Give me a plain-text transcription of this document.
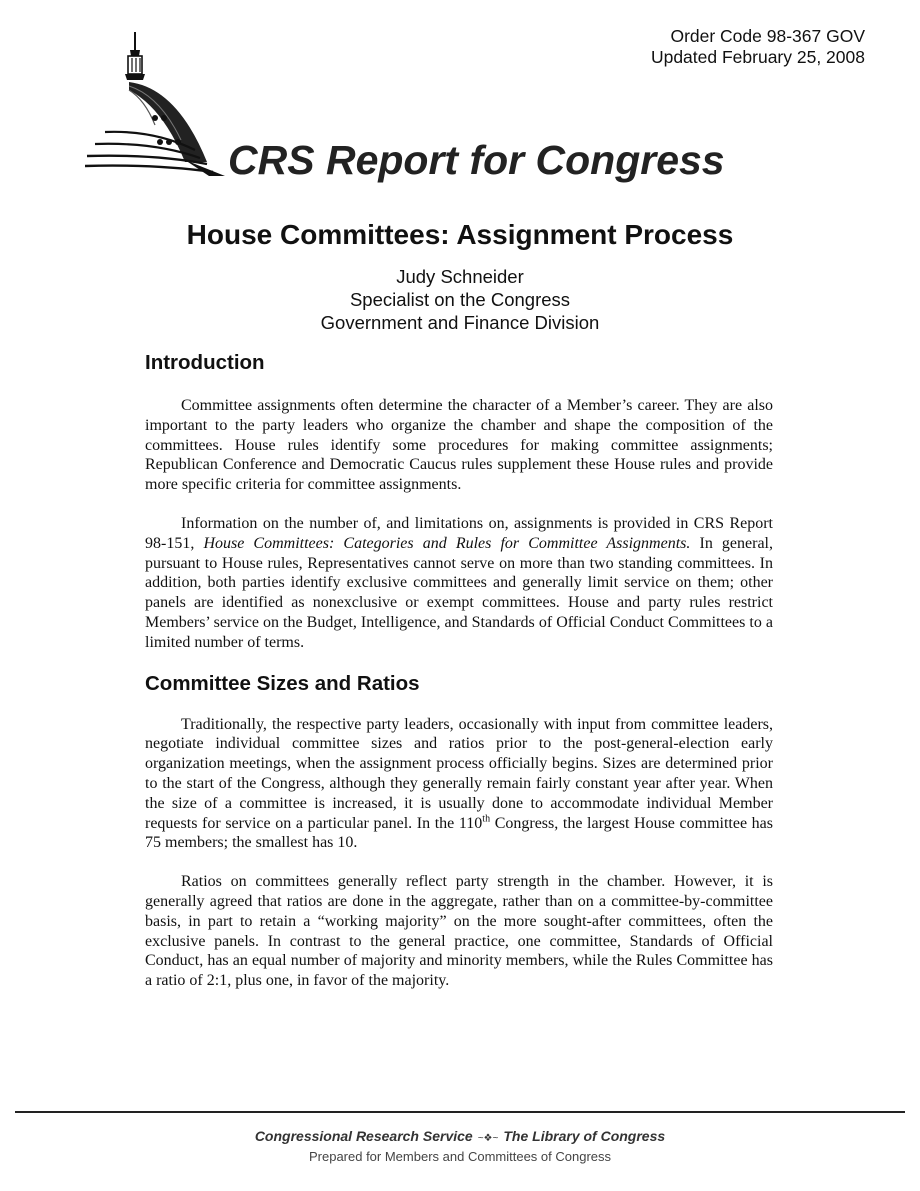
Order Code 98-367 GOV
Updated February 25, 2008
CRS Report for Congress
House Committees: Assignment Process
Judy Schneider
Specialist on the Congress
Government and Finance Division
Introduction

Committee assignments often determine the character of a Member’s career. They are also important to the party leaders who organize the chamber and shape the composition of the committees. House rules identify some procedures for making committee assignments; Republican Conference and Democratic Caucus rules supplement these House rules and provide more specific criteria for committee assignments.

Information on the number of, and limitations on, assignments is provided in CRS Report 98-151, House Committees: Categories and Rules for Committee Assignments. In general, pursuant to House rules, Representatives cannot serve on more than two standing committees. In addition, both parties identify exclusive committees and generally limit service on them; other panels are identified as nonexclusive or exempt committees. House and party rules restrict Members’ service on the Budget, Intelligence, and Standards of Official Conduct Committees to a limited number of terms.

Committee Sizes and Ratios

Traditionally, the respective party leaders, occasionally with input from committee leaders, negotiate individual committee sizes and ratios prior to the post-general-election early organization meetings, when the assignment process officially begins. Sizes are determined prior to the start of the Congress, although they generally remain fairly constant year after year. When the size of a committee is increased, it is usually done to accommodate individual Member requests for service on a particular panel. In the 110th Congress, the largest House committee has 75 members; the smallest has 10.

Ratios on committees generally reflect party strength in the chamber. However, it is generally agreed that ratios are done in the aggregate, rather than on a committee-by-committee basis, in part to retain a “working majority” on the more sought-after committees, often the exclusive panels. In contrast to the general practice, one committee, Standards of Official Conduct, has an equal number of majority and minority members, while the Rules Committee has a ratio of 2:1, plus one, in favor of the majority.

Congressional Research Service ~❖~ The Library of Congress
Prepared for Members and Committees of Congress
